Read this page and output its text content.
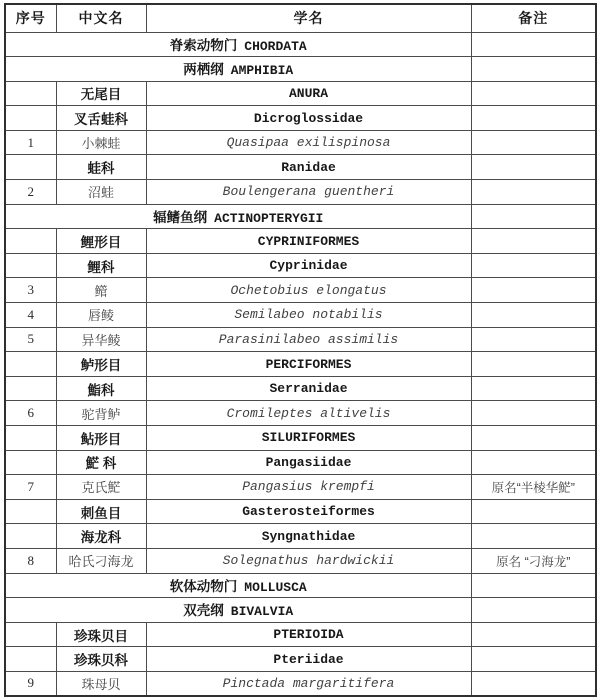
序号	中文名	学名	备注
脊索动物门 CHORDATA			
两栖纲 AMPHIBIA			
	无尾目	ANURA	
	叉舌蛙科	Dicroglossidae	
1	小棘蛙	Quasipaa exilispinosa	
	蛙科	Ranidae	
2	沼蛙	Boulengerana guentheri	
辐鳍鱼纲 ACTINOPTERYGII			
	鲤形目	CYPRINIFORMES	
	鲤科	Cyprinidae	
3	鳤	Ochetobius elongatus	
4	唇鲮	Semilabeo notabilis	
5	异华鲮	Parasinilabeo assimilis	
	鲈形目	PERCIFORMES	
	鮨科	Serranidae	
6	驼背鲈	Cromileptes altivelis	
	鲇形目	SILURIFORMES	
	𩷶 科	Pangasiidae	
7	克氏𩷶	Pangasius krempfi	原名“半棱华𩷶”
	刺鱼目	Gasterosteiformes	
	海龙科	Syngnathidae	
8	哈氏刁海龙	Solegnathus hardwickii	原名 “刁海龙”
软体动物门 MOLLUSCA			
双壳纲 BIVALVIA			
	珍珠贝目	PTERIOIDA	
	珍珠贝科	Pteriidae	
9	珠母贝	Pinctada margaritifera	
